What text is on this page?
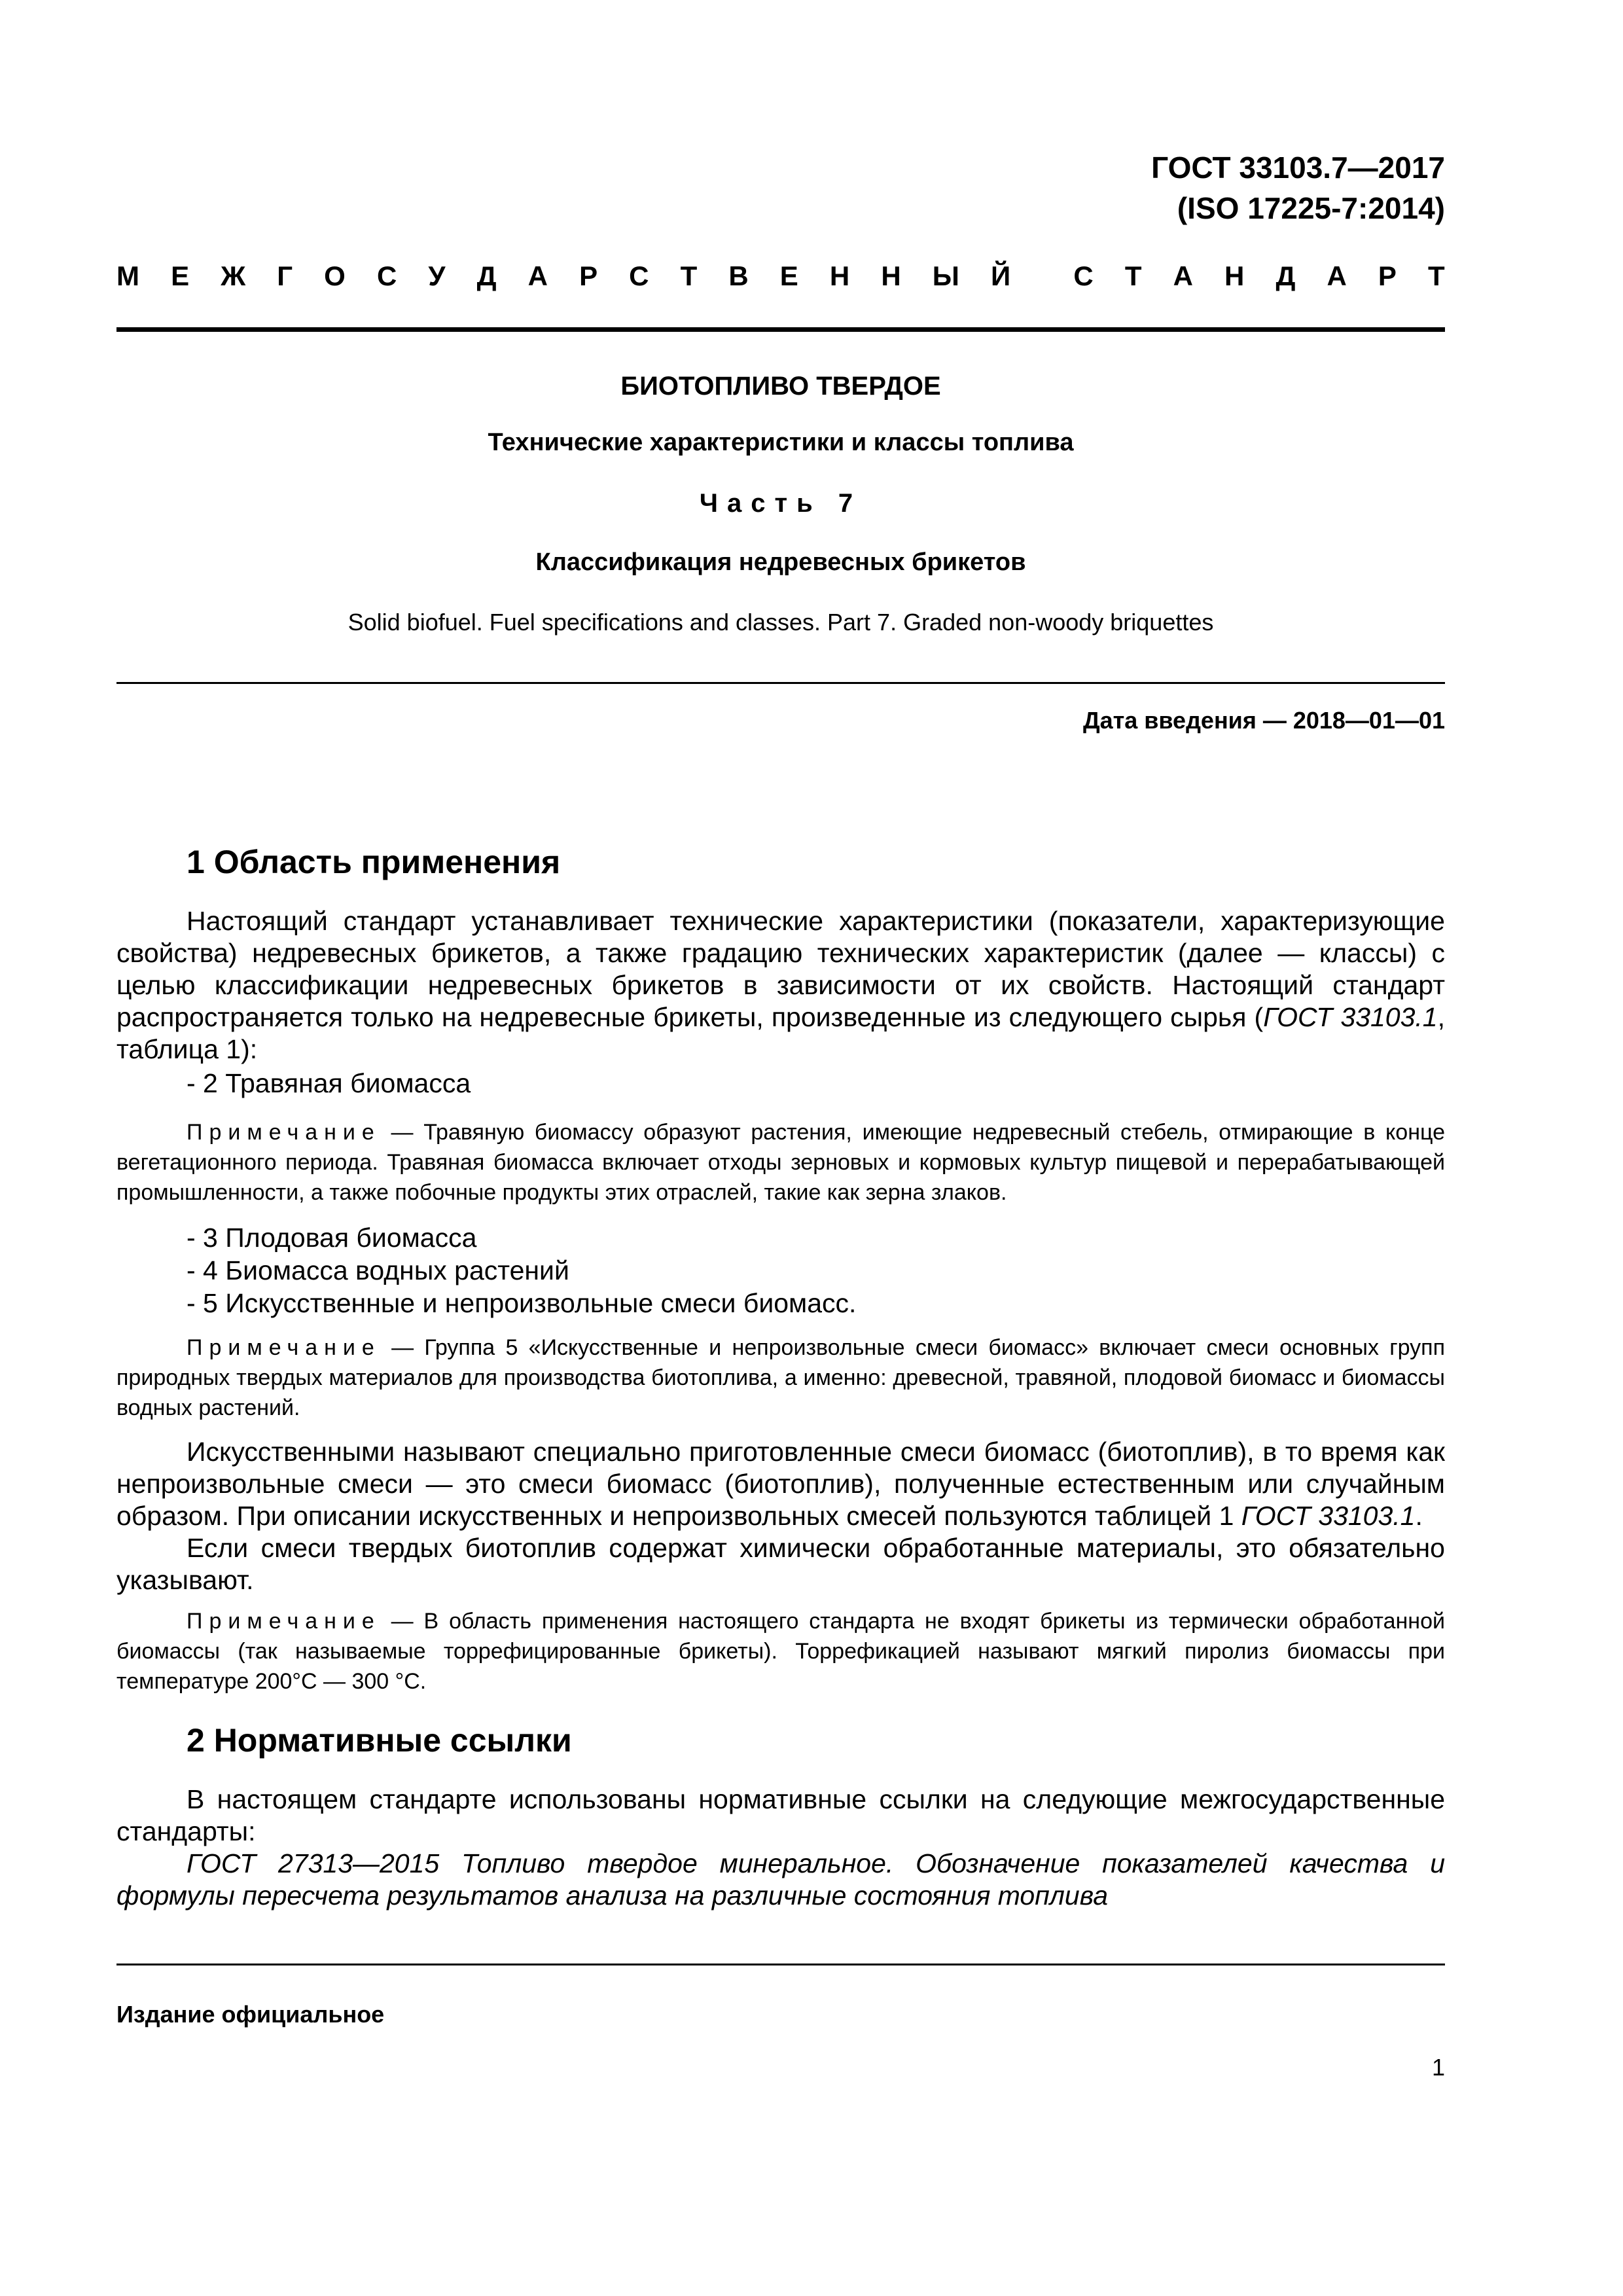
ГОСТ 33103.7—2017
(ISO 17225-7:2014)
М Е Ж Г О С У Д А Р С Т В Е Н Н Ы Й С Т А Н Д А Р Т
БИОТОПЛИВО ТВЕРДОЕ
Технические характеристики и классы топлива
Часть 7
Классификация недревесных брикетов
Solid biofuel. Fuel specifications and classes. Part 7. Graded non-woody briquettes
Дата введения — 2018—01—01
1 Область применения

Настоящий стандарт устанавливает технические характеристики (показатели, характеризующие свойства) недревесных брикетов, а также градацию технических характеристик (далее — классы) с целью классификации недревесных брикетов в зависимости от их свойств. Настоящий стандарт распространяется только на недревесные брикеты, произведенные из следующего сырья (ГОСТ 33103.1, таблица 1):

- 2 Травяная биомасса

Примечание — Травяную биомассу образуют растения, имеющие недревесный стебель, отмирающие в конце вегетационного периода. Травяная биомасса включает отходы зерновых и кормовых культур пищевой и перерабатывающей промышленности, а также побочные продукты этих отраслей, такие как зерна злаков.

- 3 Плодовая биомасса
- 4 Биомасса водных растений
- 5 Искусственные и непроизвольные смеси биомасс.

Примечание — Группа 5 «Искусственные и непроизвольные смеси биомасс» включает смеси основных групп природных твердых материалов для производства биотоплива, а именно: древесной, травяной, плодовой биомасс и биомассы водных растений.

Искусственными называют специально приготовленные смеси биомасс (биотоплив), в то время как непроизвольные смеси — это смеси биомасс (биотоплив), полученные естественным или случайным образом. При описании искусственных и непроизвольных смесей пользуются таблицей 1 ГОСТ 33103.1.

Если смеси твердых биотоплив содержат химически обработанные материалы, это обязательно указывают.

Примечание — В область применения настоящего стандарта не входят брикеты из термически обработанной биомассы (так называемые торрефицированные брикеты). Торрефикацией называют мягкий пиролиз биомассы при температуре 200°С — 300 °С.

2 Нормативные ссылки

В настоящем стандарте использованы нормативные ссылки на следующие межгосударственные стандарты:

ГОСТ 27313—2015 Топливо твердое минеральное. Обозначение показателей качества и формулы пересчета результатов анализа на различные состояния топлива

Издание официальное
1
